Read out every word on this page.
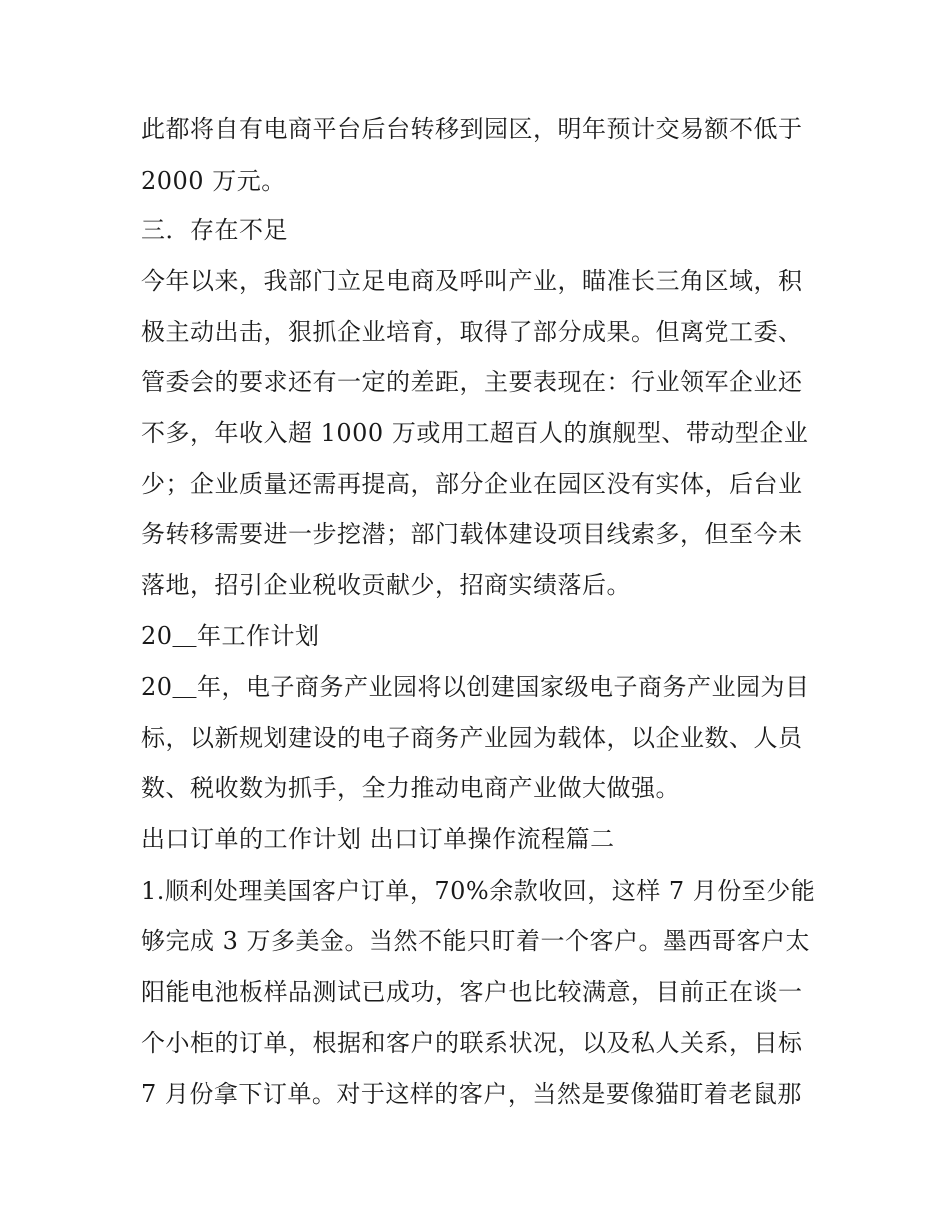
此都将自有电商平台后台转移到园区，明年预计交易额不低于
2000 万元。
三．存在不足
今年以来，我部门立足电商及呼叫产业，瞄准长三角区域，积
极主动出击，狠抓企业培育，取得了部分成果。但离党工委、
管委会的要求还有一定的差距，主要表现在：行业领军企业还
不多，年收入超 1000 万或用工超百人的旗舰型、带动型企业
少；企业质量还需再提高，部分企业在园区没有实体，后台业
务转移需要进一步挖潜；部门载体建设项目线索多，但至今未
落地，招引企业税收贡献少，招商实绩落后。
20＿年工作计划
20＿年，电子商务产业园将以创建国家级电子商务产业园为目
标，以新规划建设的电子商务产业园为载体，以企业数、人员
数、税收数为抓手，全力推动电商产业做大做强。
出口订单的工作计划 出口订单操作流程篇二
1.顺利处理美国客户订单，70%余款收回，这样 7 月份至少能
够完成 3 万多美金。当然不能只盯着一个客户。墨西哥客户太
阳能电池板样品测试已成功，客户也比较满意，目前正在谈一
个小柜的订单，根据和客户的联系状况，以及私人关系，目标
7 月份拿下订单。对于这样的客户，当然是要像猫盯着老鼠那
